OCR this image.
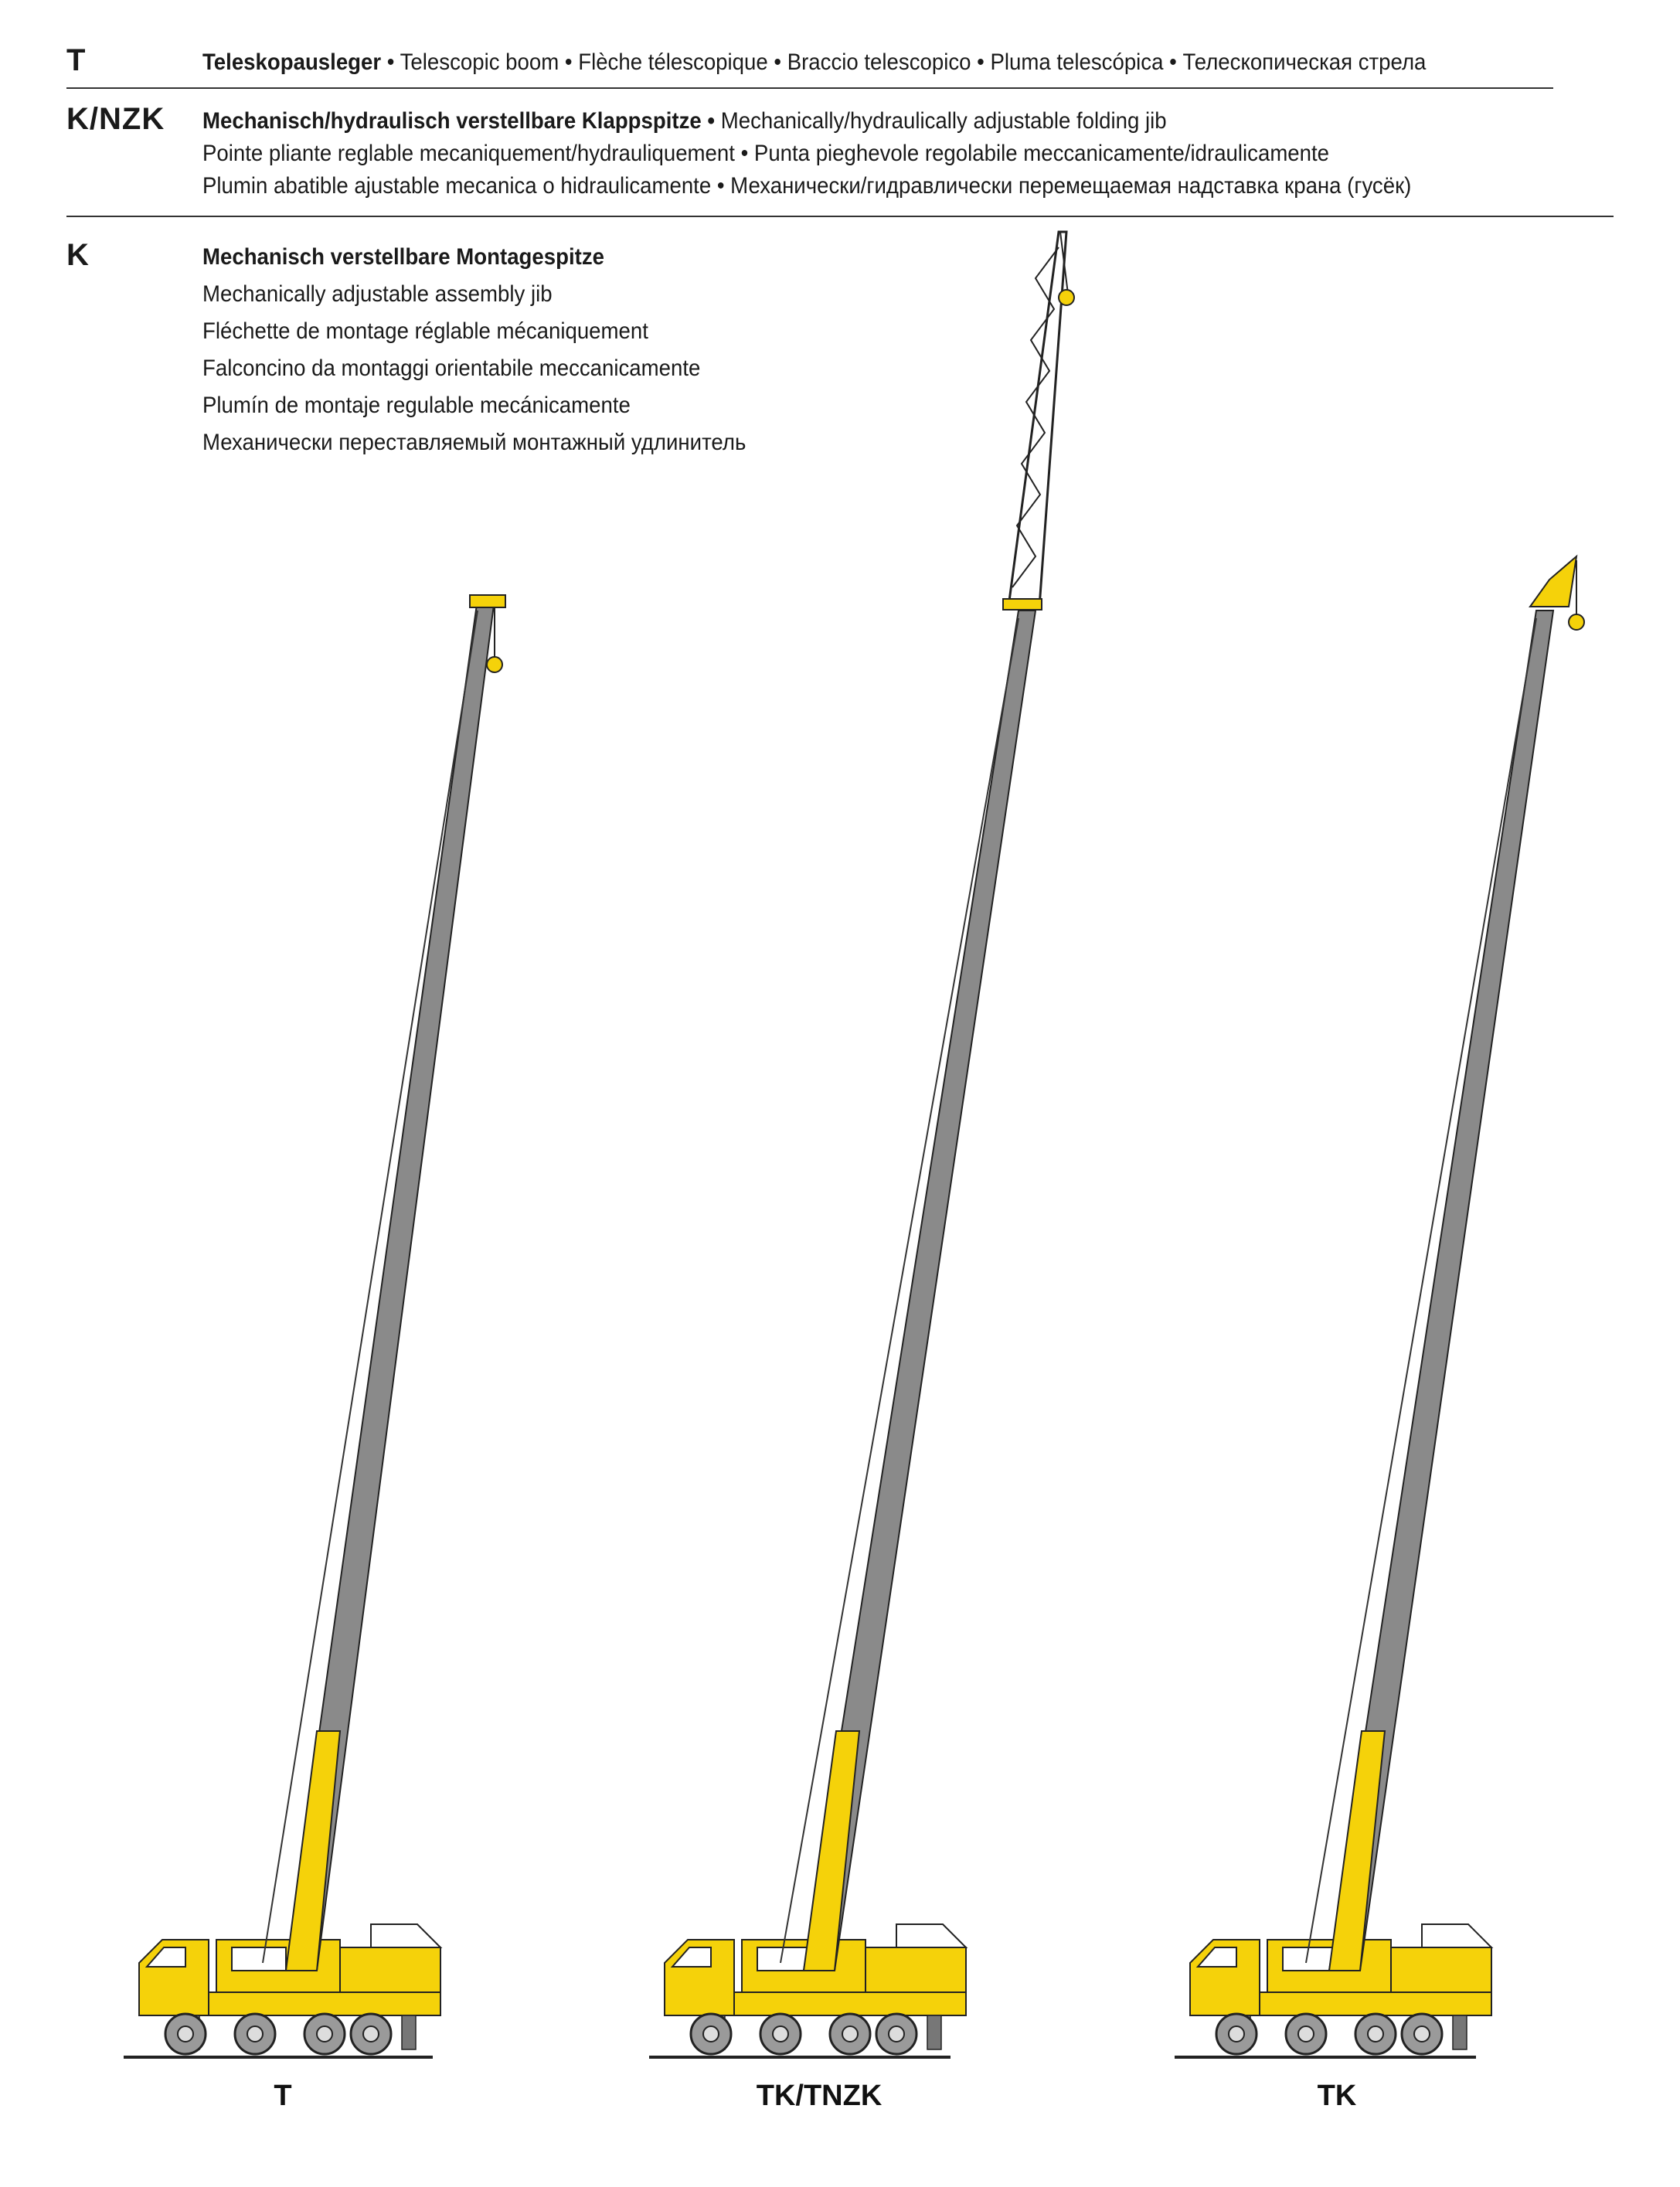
T	Teleskopausleger • Telescopic boom • Flèche télescopique • Braccio telescopico • Pluma telescópica • Телескопическая стрела
K/NZK Mechanisch/hydraulisch verstellbare Klappspitze • Mechanically/hydraulically adjustable folding jib
Pointe pliante reglable mecaniquement/hydrauliquement • Punta pieghevole regolabile meccanicamente/idraulicamente
Plumin abatible ajustable mecanica o hidraulicamente • Механически/гидравлически перемещаемая надставка крана (гусёк)
K	Mechanisch verstellbare Montagespitze
Mechanically adjustable assembly jib
Fléchette de montage réglable mécaniquement
Falconcino da montaggi orientabile meccanicamente
Plumín de montaje regulable mecánicamente
Механически переставляемый монтажный удлинитель
T	TK/TNZK	TK
